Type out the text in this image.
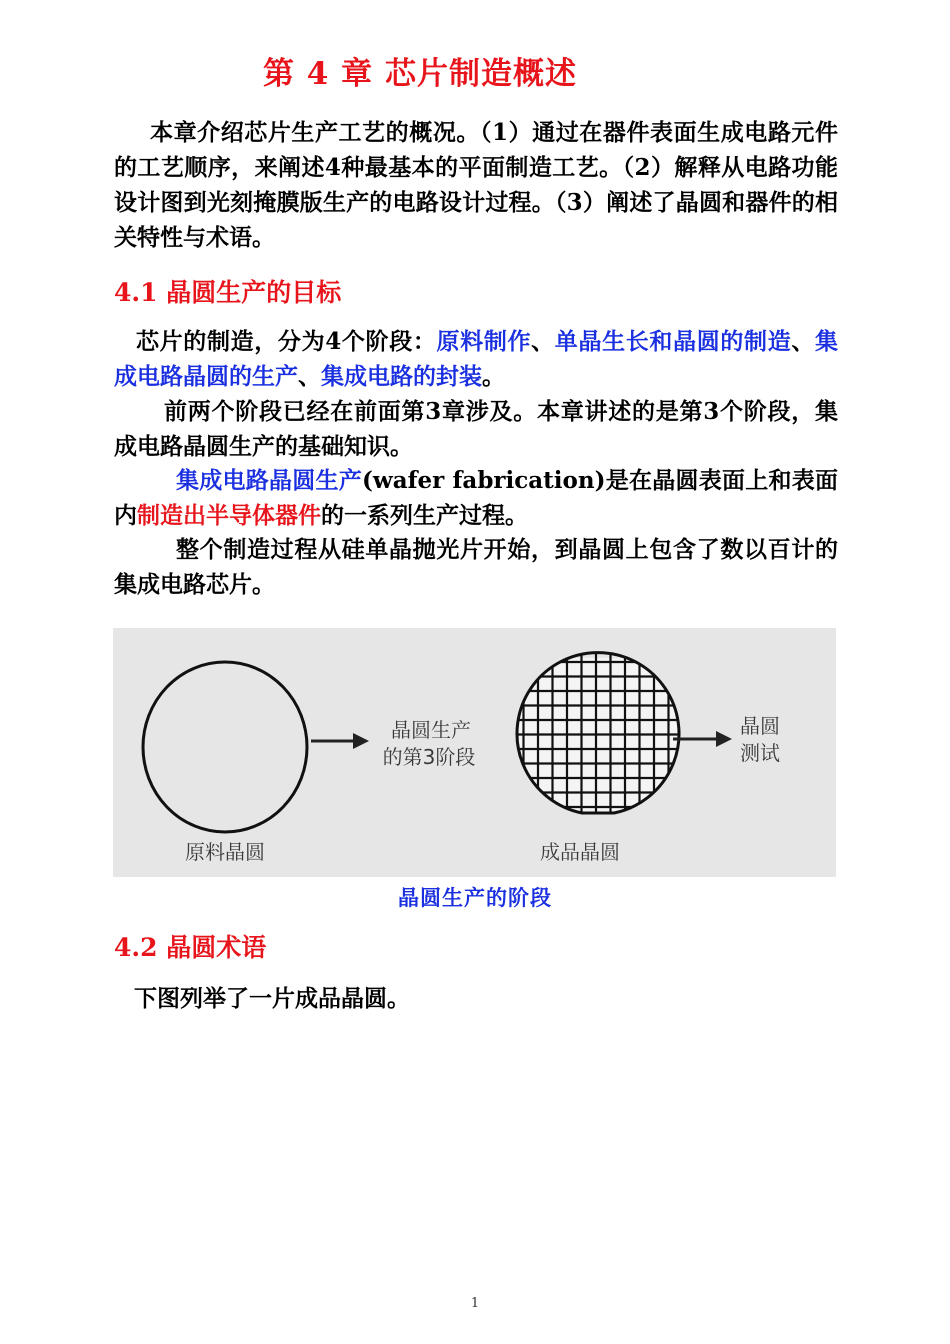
第 4 章 芯片制造概述
本章介绍芯片生产工艺的概况。（1）通过在器件表面生成电路元件的工艺顺序，来阐述4种最基本的平面制造工艺。（2）解释从电路功能设计图到光刻掩膜版生产的电路设计过程。（3）阐述了晶圆和器件的相关特性与术语。
4.1 晶圆生产的目标
芯片的制造，分为4个阶段：原料制作、单晶生长和晶圆的制造、集成电路晶圆的生产、集成电路的封装。
前两个阶段已经在前面第3章涉及。本章讲述的是第3个阶段，集成电路晶圆生产的基础知识。
集成电路晶圆生产(wafer fabrication)是在晶圆表面上和表面内制造出半导体器件的一系列生产过程。
整个制造过程从硅单晶抛光片开始，到晶圆上包含了数以百计的集成电路芯片。
原料晶圆
晶圆生产
的第3阶段
成品晶圆
晶圆
测试
晶圆生产的阶段
4.2 晶圆术语
下图列举了一片成品晶圆。
1
